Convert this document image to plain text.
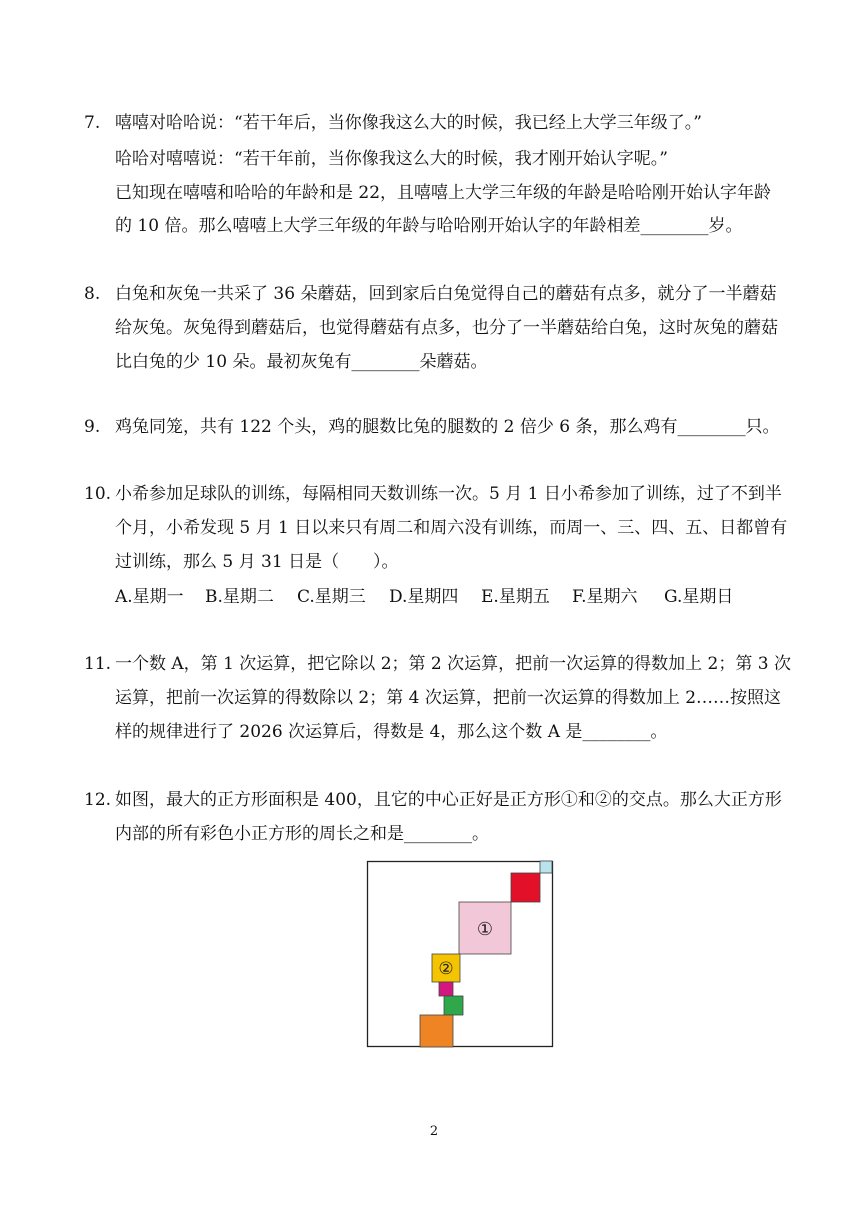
7. 嘻嘻对哈哈说：“若干年后，当你像我这么大的时候，我已经上大学三年级了。”
哈哈对嘻嘻说：“若干年前，当你像我这么大的时候，我才刚开始认字呢。”
已知现在嘻嘻和哈哈的年龄和是 22，且嘻嘻上大学三年级的年龄是哈哈刚开始认字年龄
的 10 倍。那么嘻嘻上大学三年级的年龄与哈哈刚开始认字的年龄相差________岁。
8. 白兔和灰兔一共采了 36 朵蘑菇，回到家后白兔觉得自己的蘑菇有点多，就分了一半蘑菇
给灰兔。灰兔得到蘑菇后，也觉得蘑菇有点多，也分了一半蘑菇给白兔，这时灰兔的蘑菇
比白兔的少 10 朵。最初灰兔有________朵蘑菇。
9. 鸡兔同笼，共有 122 个头，鸡的腿数比兔的腿数的 2 倍少 6 条，那么鸡有________只。
10. 小希参加足球队的训练，每隔相同天数训练一次。5 月 1 日小希参加了训练，过了不到半
个月，小希发现 5 月 1 日以来只有周二和周六没有训练，而周一、三、四、五、日都曾有
过训练，那么 5 月 31 日是（　　）。
A.星期一 B.星期二 C.星期三 D.星期四 E.星期五 F.星期六 G.星期日
11. 一个数 A，第 1 次运算，把它除以 2；第 2 次运算，把前一次运算的得数加上 2；第 3 次
运算，把前一次运算的得数除以 2；第 4 次运算，把前一次运算的得数加上 2……按照这
样的规律进行了 2026 次运算后，得数是 4，那么这个数 A 是________。
12. 如图，最大的正方形面积是 400，且它的中心正好是正方形①和②的交点。那么大正方形
内部的所有彩色小正方形的周长之和是________。
①
②
2
